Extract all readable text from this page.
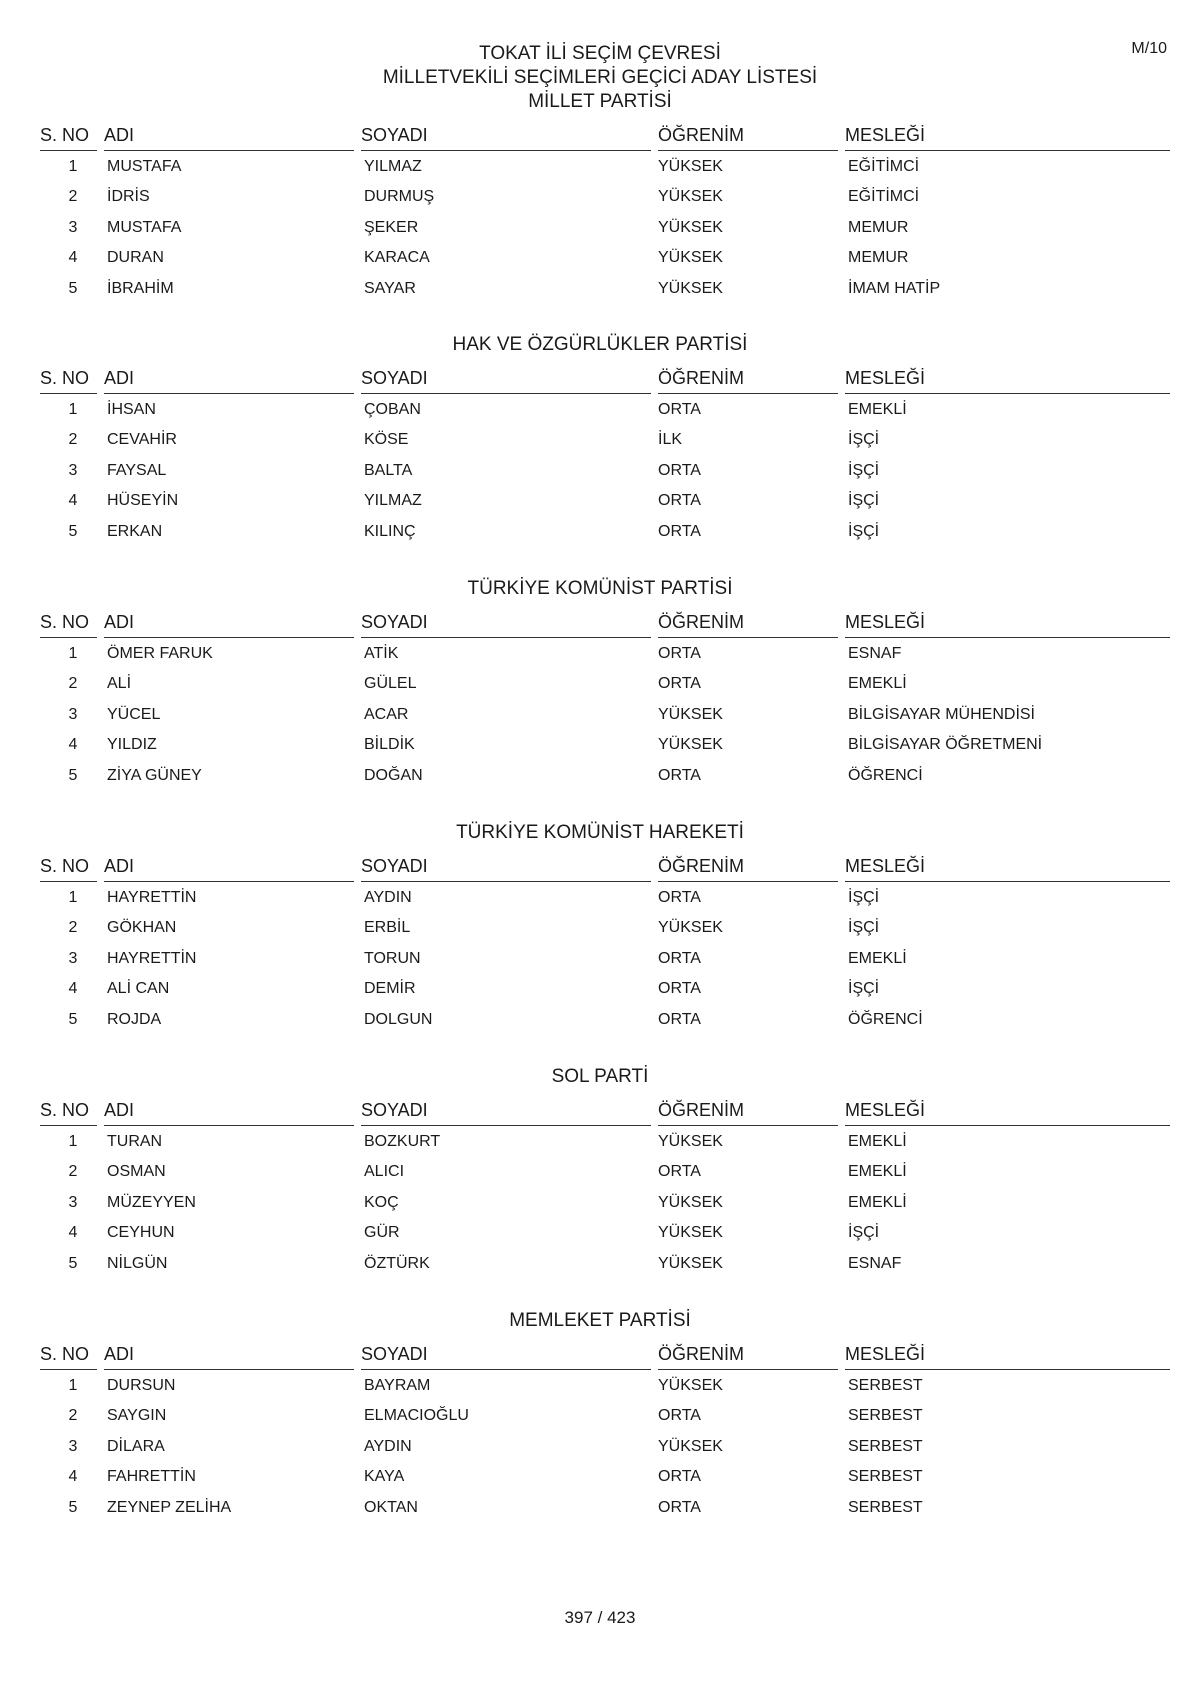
M/10
TOKAT İLİ SEÇİM ÇEVRESİ
MİLLETVEKİLİ SEÇİMLERİ GEÇİCİ ADAY LİSTESİ
MİLLET PARTİSİ
S. NO ADI	SOYADI	ÖĞRENİM	MESLEĞİ
1	MUSTAFA	YILMAZ	YÜKSEK	EĞİTİMCİ
2	İDRİS	DURMUŞ	YÜKSEK	EĞİTİMCİ
3	MUSTAFA	ŞEKER	YÜKSEK	MEMUR
4	DURAN	KARACA	YÜKSEK	MEMUR
5	İBRAHİM	SAYAR	YÜKSEK	İMAM HATİP
HAK VE ÖZGÜRLÜKLER PARTİSİ
S. NO ADI	SOYADI	ÖĞRENİM	MESLEĞİ
1	İHSAN	ÇOBAN	ORTA	EMEKLİ
2	CEVAHİR	KÖSE	İLK	İŞÇİ
3	FAYSAL	BALTA	ORTA	İŞÇİ
4	HÜSEYİN	YILMAZ	ORTA	İŞÇİ
5	ERKAN	KILINÇ	ORTA	İŞÇİ
TÜRKİYE KOMÜNİST PARTİSİ
S. NO ADI	SOYADI	ÖĞRENİM	MESLEĞİ
1	ÖMER FARUK	ATİK	ORTA	ESNAF
2	ALİ	GÜLEL	ORTA	EMEKLİ
3	YÜCEL	ACAR	YÜKSEK	BİLGİSAYAR MÜHENDİSİ
4	YILDIZ	BİLDİK	YÜKSEK	BİLGİSAYAR ÖĞRETMENİ
5	ZİYA GÜNEY	DOĞAN	ORTA	ÖĞRENCİ
TÜRKİYE KOMÜNİST HAREKETİ
S. NO ADI	SOYADI	ÖĞRENİM	MESLEĞİ
1	HAYRETTİN	AYDIN	ORTA	İŞÇİ
2	GÖKHAN	ERBİL	YÜKSEK	İŞÇİ
3	HAYRETTİN	TORUN	ORTA	EMEKLİ
4	ALİ CAN	DEMİR	ORTA	İŞÇİ
5	ROJDA	DOLGUN	ORTA	ÖĞRENCİ
SOL PARTİ
S. NO ADI	SOYADI	ÖĞRENİM	MESLEĞİ
1	TURAN	BOZKURT	YÜKSEK	EMEKLİ
2	OSMAN	ALICI	ORTA	EMEKLİ
3	MÜZEYYEN	KOÇ	YÜKSEK	EMEKLİ
4	CEYHUN	GÜR	YÜKSEK	İŞÇİ
5	NİLGÜN	ÖZTÜRK	YÜKSEK	ESNAF
MEMLEKET PARTİSİ
S. NO ADI	SOYADI	ÖĞRENİM	MESLEĞİ
1	DURSUN	BAYRAM	YÜKSEK	SERBEST
2	SAYGIN	ELMACIOĞLU	ORTA	SERBEST
3	DİLARA	AYDIN	YÜKSEK	SERBEST
4	FAHRETTİN	KAYA	ORTA	SERBEST
5	ZEYNEP ZELİHA	OKTAN	ORTA	SERBEST
397 / 423
